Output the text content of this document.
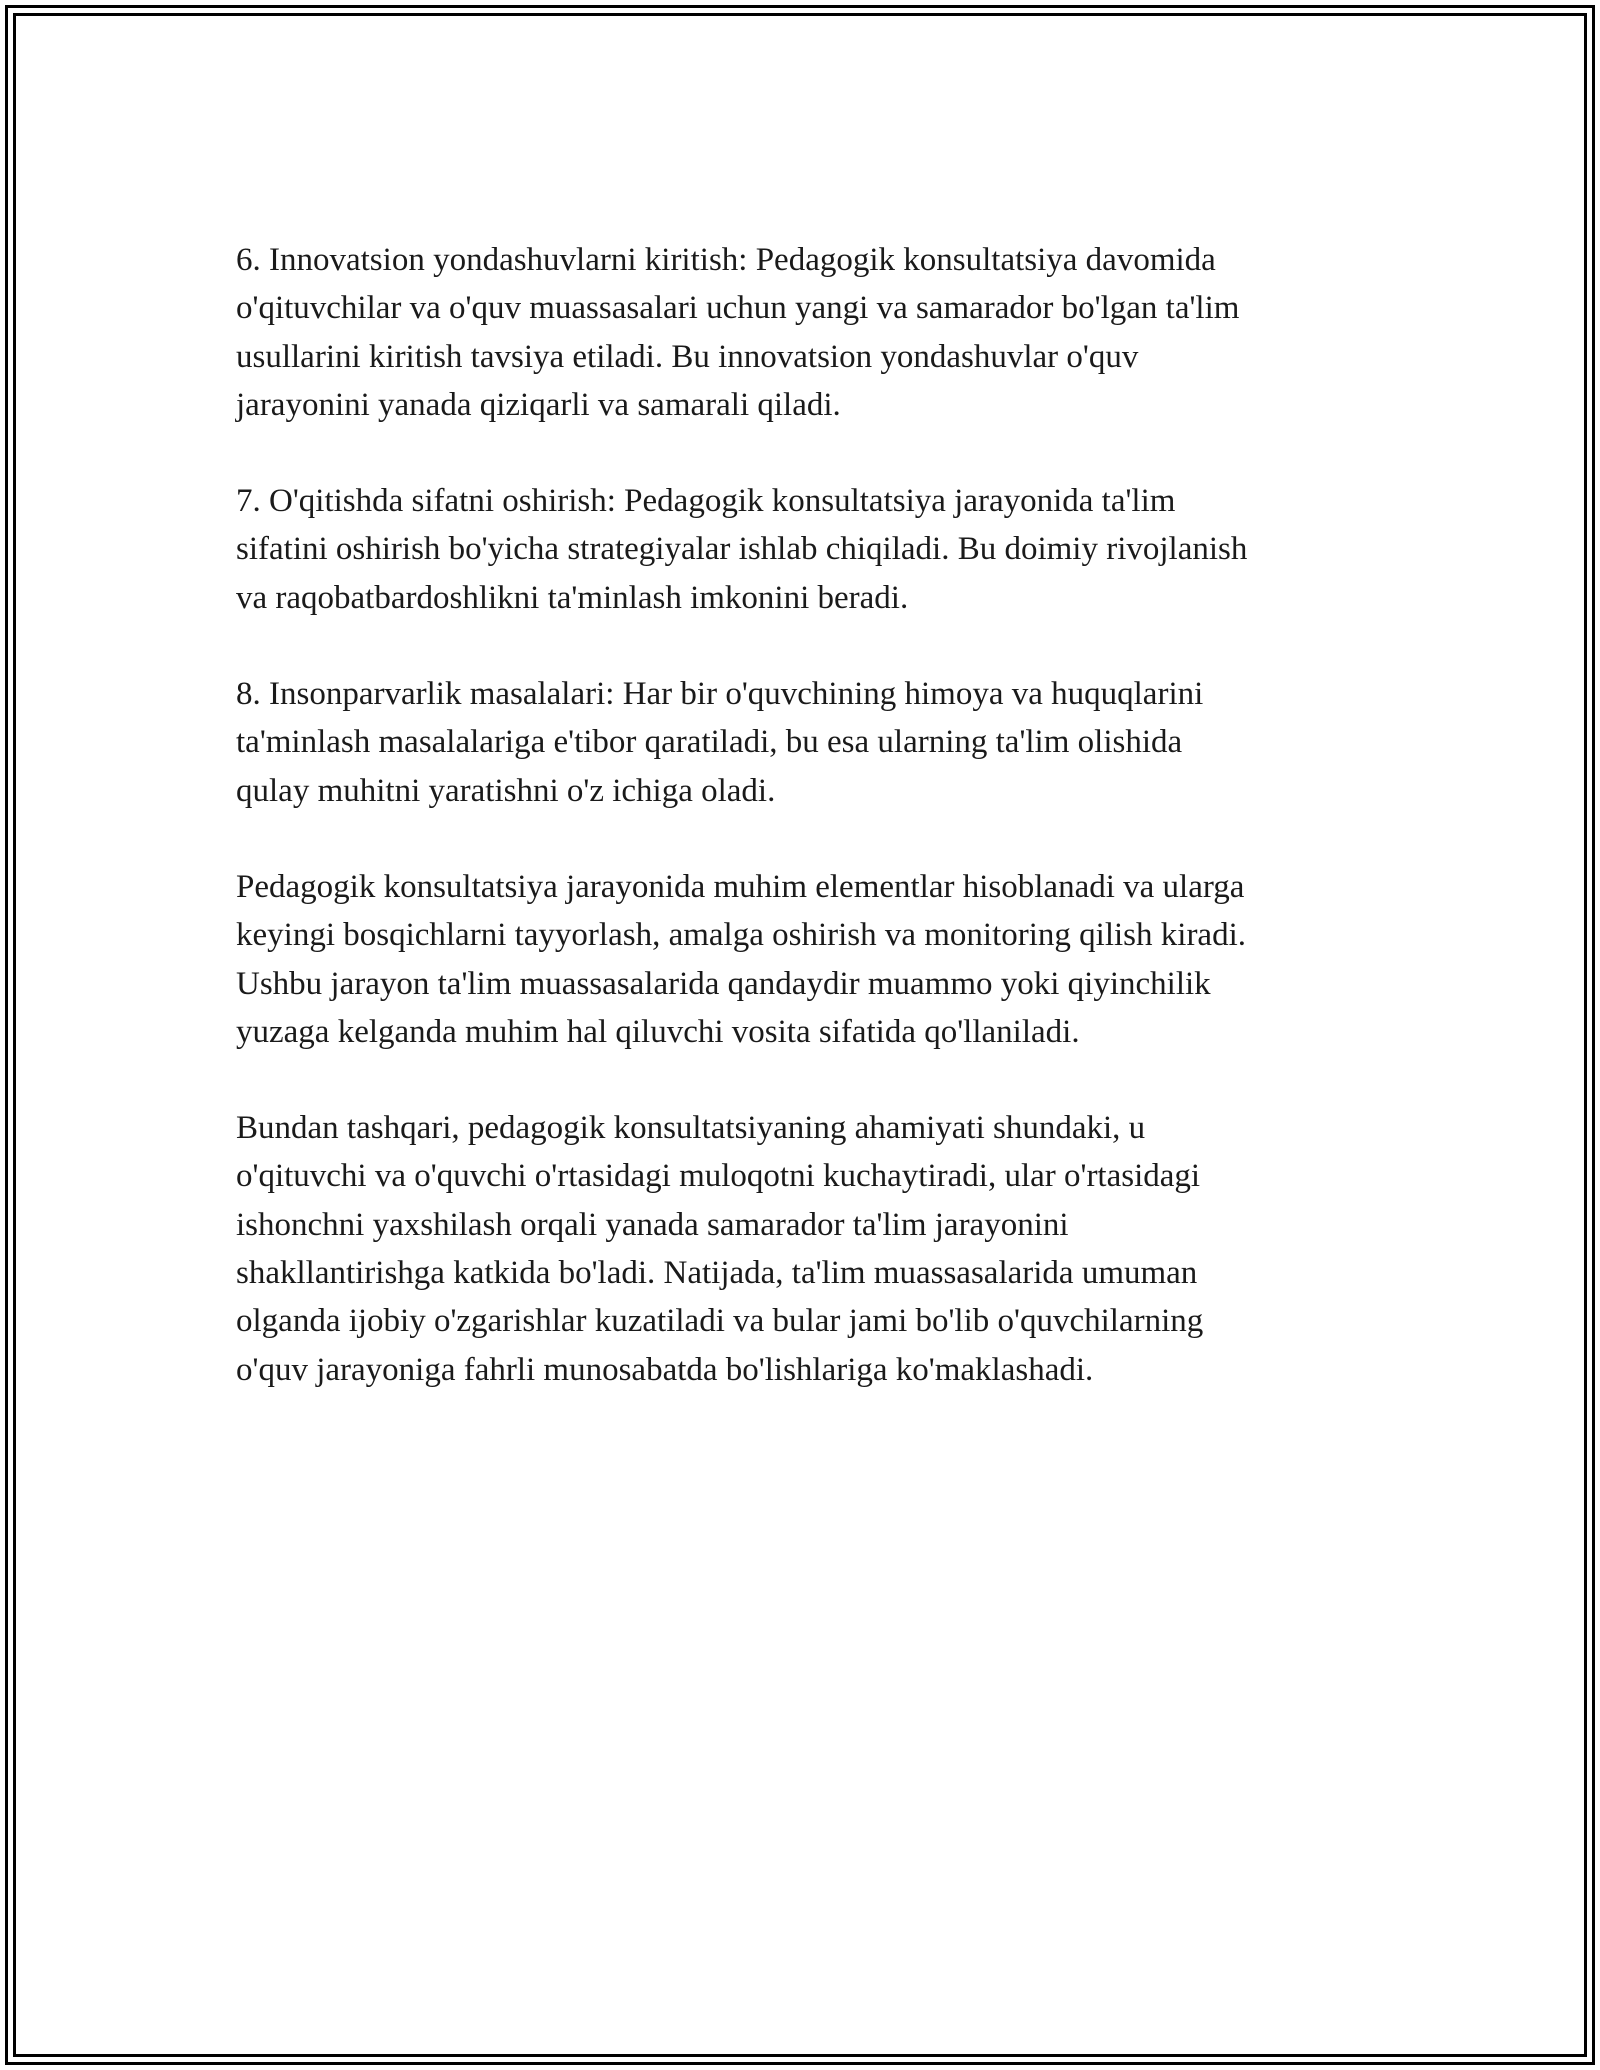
6. Innovatsion yondashuvlarni kiritish: Pedagogik konsultatsiya davomida
o'qituvchilar va o'quv muassasalari uchun yangi va samarador bo'lgan ta'lim
usullarini kiritish tavsiya etiladi. Bu innovatsion yondashuvlar o'quv
jarayonini yanada qiziqarli va samarali qiladi.

7. O'qitishda sifatni oshirish: Pedagogik konsultatsiya jarayonida ta'lim
sifatini oshirish bo'yicha strategiyalar ishlab chiqiladi. Bu doimiy rivojlanish
va raqobatbardoshlikni ta'minlash imkonini beradi.

8. Insonparvarlik masalalari: Har bir o'quvchining himoya va huquqlarini
ta'minlash masalalariga e'tibor qaratiladi, bu esa ularning ta'lim olishida
qulay muhitni yaratishni o'z ichiga oladi.

Pedagogik konsultatsiya jarayonida muhim elementlar hisoblanadi va ularga
keyingi bosqichlarni tayyorlash, amalga oshirish va monitoring qilish kiradi.
Ushbu jarayon ta'lim muassasalarida qandaydir muammo yoki qiyinchilik
yuzaga kelganda muhim hal qiluvchi vosita sifatida qo'llaniladi.

Bundan tashqari, pedagogik konsultatsiyaning ahamiyati shundaki, u
o'qituvchi va o'quvchi o'rtasidagi muloqotni kuchaytiradi, ular o'rtasidagi
ishonchni yaxshilash orqali yanada samarador ta'lim jarayonini
shakllantirishga katkida bo'ladi. Natijada, ta'lim muassasalarida umuman
olganda ijobiy o'zgarishlar kuzatiladi va bular jami bo'lib o'quvchilarning
o'quv jarayoniga fahrli munosabatda bo'lishlariga ko'maklashadi.
